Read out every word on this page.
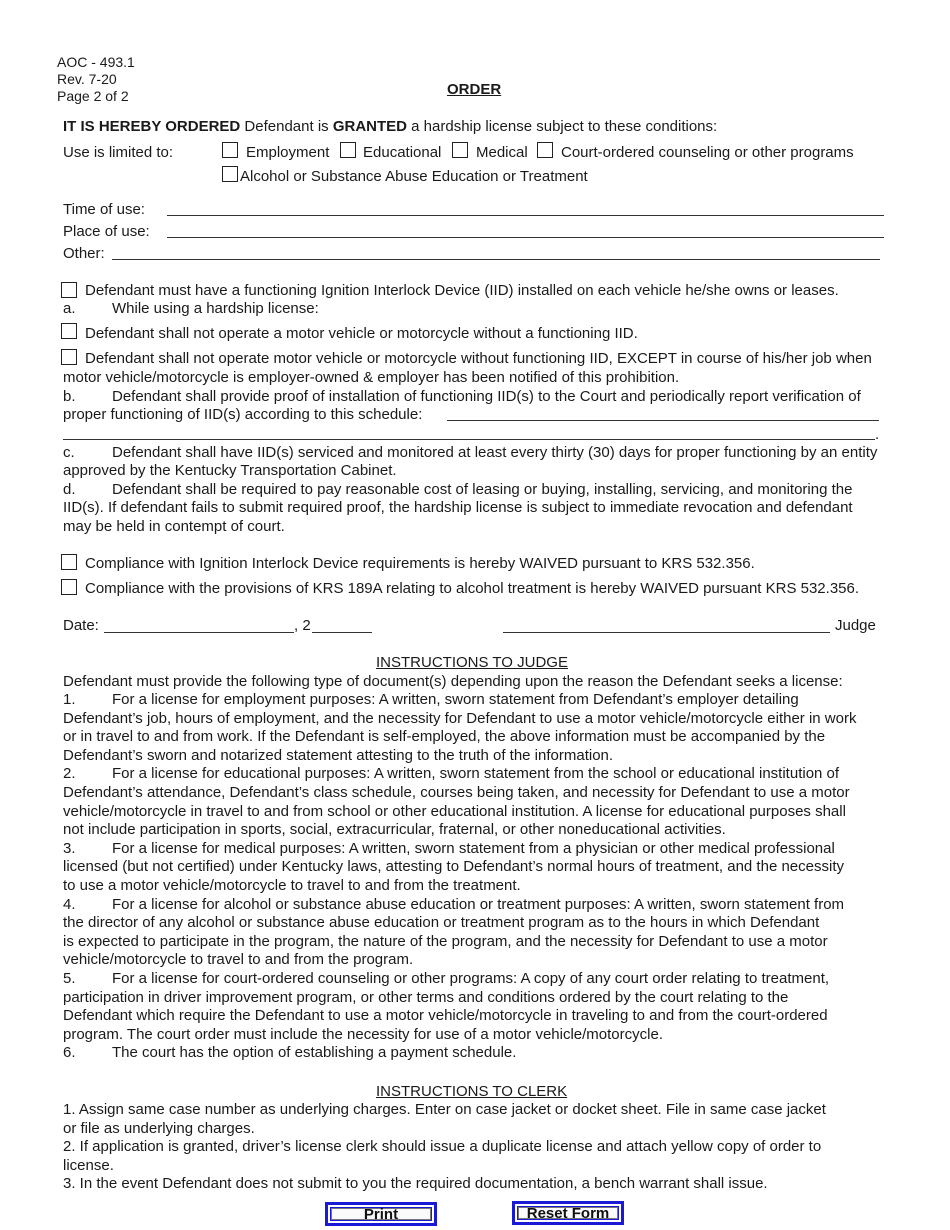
AOC - 493.1
Rev. 7-20
Page 2 of 2	ORDER
IT IS HEREBY ORDERED Defendant is GRANTED a hardship license subject to these conditions:
Use is limited to:	Employment Educational Medical Court-ordered counseling or other programs
Alcohol or Substance Abuse Education or Treatment
Time of use:
Place of use:
Other:
Defendant must have a functioning Ignition Interlock Device (IID) installed on each vehicle he/she owns or leases.
a. While using a hardship license:
Defendant shall not operate a motor vehicle or motorcycle without a functioning IID.
Defendant shall not operate motor vehicle or motorcycle without functioning IID, EXCEPT in course of his/her job when
motor vehicle/motorcycle is employer-owned & employer has been notified of this prohibition.
b. Defendant shall provide proof of installation of functioning IID(s) to the Court and periodically report verification of
proper functioning of IID(s) according to this schedule:
.
c. Defendant shall have IID(s) serviced and monitored at least every thirty (30) days for proper functioning by an entity
approved by the Kentucky Transportation Cabinet.
d. Defendant shall be required to pay reasonable cost of leasing or buying, installing, servicing, and monitoring the
IID(s). If defendant fails to submit required proof, the hardship license is subject to immediate revocation and defendant
may be held in contempt of court.
Compliance with Ignition Interlock Device requirements is hereby WAIVED pursuant to KRS 532.356.
Compliance with the provisions of KRS 189A relating to alcohol treatment is hereby WAIVED pursuant KRS 532.356.
Date:	, 2	Judge
INSTRUCTIONS TO JUDGE
Defendant must provide the following type of document(s) depending upon the reason the Defendant seeks a license:
1. For a license for employment purposes: A written, sworn statement from Defendant’s employer detailing
Defendant’s job, hours of employment, and the necessity for Defendant to use a motor vehicle/motorcycle either in work
or in travel to and from work. If the Defendant is self-employed, the above information must be accompanied by the
Defendant’s sworn and notarized statement attesting to the truth of the information.
2. For a license for educational purposes: A written, sworn statement from the school or educational institution of
Defendant’s attendance, Defendant’s class schedule, courses being taken, and necessity for Defendant to use a motor
vehicle/motorcycle in travel to and from school or other educational institution. A license for educational purposes shall
not include participation in sports, social, extracurricular, fraternal, or other noneducational activities.
3. For a license for medical purposes: A written, sworn statement from a physician or other medical professional
licensed (but not certified) under Kentucky laws, attesting to Defendant’s normal hours of treatment, and the necessity
to use a motor vehicle/motorcycle to travel to and from the treatment.
4. For a license for alcohol or substance abuse education or treatment purposes: A written, sworn statement from
the director of any alcohol or substance abuse education or treatment program as to the hours in which Defendant
is expected to participate in the program, the nature of the program, and the necessity for Defendant to use a motor
vehicle/motorcycle to travel to and from the program.
5. For a license for court-ordered counseling or other programs: A copy of any court order relating to treatment,
participation in driver improvement program, or other terms and conditions ordered by the court relating to the
Defendant which require the Defendant to use a motor vehicle/motorcycle in traveling to and from the court-ordered
program. The court order must include the necessity for use of a motor vehicle/motorcycle.
6. The court has the option of establishing a payment schedule.
INSTRUCTIONS TO CLERK
1. Assign same case number as underlying charges. Enter on case jacket or docket sheet. File in same case jacket
or file as underlying charges.
2. If application is granted, driver’s license clerk should issue a duplicate license and attach yellow copy of order to
license.
3. In the event Defendant does not submit to you the required documentation, a bench warrant shall issue.
Print	Reset Form
